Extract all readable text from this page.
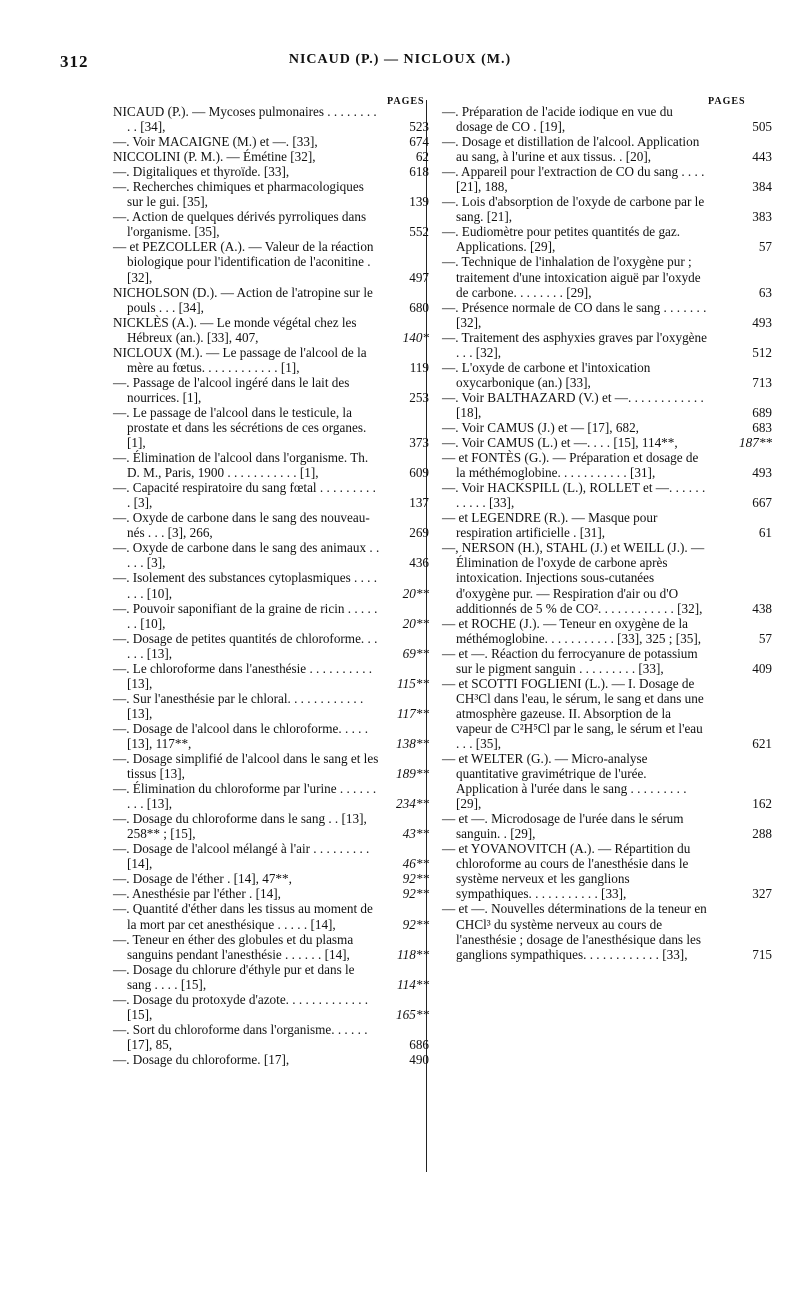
312	NICAUD (P.) — NICLOUX (M.)
PAGES	PAGES
NICAUD (P.). — Mycoses pulmonaires . . . . . . . . . . [34],	523
—. Voir MACAIGNE (M.) et —. [33],	674
NICCOLINI (P. M.). — Émétine [32],	62
—. Digitaliques et thyroïde. [33],	618
—. Recherches chimiques et pharmacologiques sur le gui. [35],	139
—. Action de quelques dérivés pyrroliques dans l'organisme. [35],	552
— et PEZCOLLER (A.). — Valeur de la réaction biologique pour l'identification de l'aconitine . [32],	497
NICHOLSON (D.). — Action de l'atropine sur le pouls . . . [34],	680
NICKLÈS (A.). — Le monde végétal chez les Hébreux (an.). [33], 407,	140*
NICLOUX (M.). — Le passage de l'alcool de la mère au fœtus. . . . . . . . . . . . [1],	119
—. Passage de l'alcool ingéré dans le lait des nourrices. [1],	253
—. Le passage de l'alcool dans le testicule, la prostate et dans les sécrétions de ces organes. [1],	373
—. Élimination de l'alcool dans l'organisme. Th. D. M., Paris, 1900 . . . . . . . . . . . [1],	609
—. Capacité respiratoire du sang fœtal . . . . . . . . . . [3],	137
—. Oxyde de carbone dans le sang des nouveau-nés . . . [3], 266,	269
—. Oxyde de carbone dans le sang des animaux . . . . . [3],	436
—. Isolement des substances cytoplasmiques . . . . . . . [10],	20**
—. Pouvoir saponifiant de la graine de ricin . . . . . . . [10],	20**
—. Dosage de petites quantités de chloroforme. . . . . . [13],	69**
—. Le chloroforme dans l'anesthésie . . . . . . . . . . [13],	115**
—. Sur l'anesthésie par le chloral. . . . . . . . . . . . [13],	117**
—. Dosage de l'alcool dans le chloroforme. . . . . [13], 117**,	138**
—. Dosage simplifié de l'alcool dans le sang et les tissus [13],	189**
—. Élimination du chloroforme par l'urine . . . . . . . . . [13],	234**
—. Dosage du chloroforme dans le sang . . [13], 258** ; [15],	43**
—. Dosage de l'alcool mélangé à l'air . . . . . . . . . [14],	46**
—. Dosage de l'éther . [14], 47**,	92**
—. Anesthésie par l'éther . [14],	92**
—. Quantité d'éther dans les tissus au moment de la mort par cet anesthésique . . . . . [14],	92**
—. Teneur en éther des globules et du plasma sanguins pendant l'anesthésie . . . . . . [14],	118**
—. Dosage du chlorure d'éthyle pur et dans le sang . . . . [15],	114**
—. Dosage du protoxyde d'azote. . . . . . . . . . . . . [15],	165**
—. Sort du chloroforme dans l'organisme. . . . . . [17], 85,	686
—. Dosage du chloroforme. [17],	490
—. Préparation de l'acide iodique en vue du dosage de CO . [19],	505
—. Dosage et distillation de l'alcool. Application au sang, à l'urine et aux tissus. . [20],	443
—. Appareil pour l'extraction de CO du sang . . . . [21], 188,	384
—. Lois d'absorption de l'oxyde de carbone par le sang. [21],	383
—. Eudiomètre pour petites quantités de gaz. Applications. [29],	57
—. Technique de l'inhalation de l'oxygène pur ; traitement d'une intoxication aiguë par l'oxyde de carbone. . . . . . . . [29],	63
—. Présence normale de CO dans le sang . . . . . . . [32],	493
—. Traitement des asphyxies graves par l'oxygène . . . [32],	512
—. L'oxyde de carbone et l'intoxication oxycarbonique (an.) [33],	713
—. Voir BALTHAZARD (V.) et —. . . . . . . . . . . . [18],	689
—. Voir CAMUS (J.) et — [17], 682,	683
—. Voir CAMUS (L.) et —. . . . [15], 114**,	187**
— et FONTÈS (G.). — Préparation et dosage de la méthémoglobine. . . . . . . . . . . [31],	493
—. Voir HACKSPILL (L.), ROLLET et —. . . . . . . . . . . [33],	667
— et LEGENDRE (R.). — Masque pour respiration artificielle . [31],	61
—, NERSON (H.), STAHL (J.) et WEILL (J.). — Élimination de l'oxyde de carbone après intoxication. Injections sous-cutanées d'oxygène pur. — Respiration d'air ou d'O additionnés de 5 % de CO². . . . . . . . . . . . [32],	438
— et ROCHE (J.). — Teneur en oxygène de la méthémoglobine. . . . . . . . . . . [33], 325 ; [35],	57
— et —. Réaction du ferrocyanure de potassium sur le pigment sanguin . . . . . . . . . [33],	409
— et SCOTTI FOGLIENI (L.). — I. Dosage de CH³Cl dans l'eau, le sérum, le sang et dans une atmosphère gazeuse. II. Absorption de la vapeur de C²H⁵Cl par le sang, le sérum et l'eau . . . [35],	621
— et WELTER (G.). — Micro-analyse quantitative gravimétrique de l'urée. Application à l'urée dans le sang . . . . . . . . . [29],	162
— et —. Microdosage de l'urée dans le sérum sanguin. . [29],	288
— et YOVANOVITCH (A.). — Répartition du chloroforme au cours de l'anesthésie dans le système nerveux et les ganglions sympathiques. . . . . . . . . . . [33],	327
— et —. Nouvelles déterminations de la teneur en CHCl³ du système nerveux au cours de l'anesthésie ; dosage de l'anesthésique dans les ganglions sympathiques. . . . . . . . . . . . [33],	715
